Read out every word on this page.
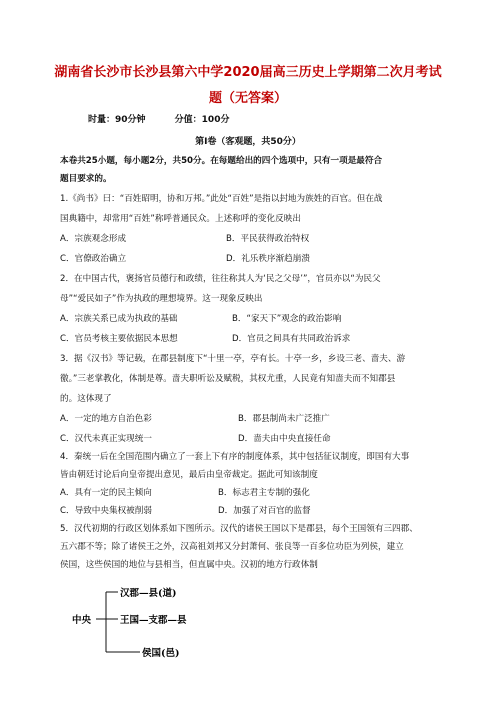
湖南省长沙市长沙县第六中学2020届高三历史上学期第二次月考试
题（无答案）
时量：90分钟	分值：100分
第Ⅰ卷（客观题，共50分）
本卷共25小题，每小题2分，共50分。在每题给出的四个选项中，只有一项是最符合
题目要求的。
1.《尚书》曰：“百姓昭明，协和万邦。”此处“百姓”是指以封地为族姓的百官。但在战
国典籍中，却常用“百姓”称呼普通民众。上述称呼的变化反映出
A．宗族观念形成	B．平民获得政治特权
C．官僚政治确立	D．礼乐秩序渐趋崩溃
2．在中国古代，褒扬官员德行和政绩，往往称其人为‘民之父母’”，官员亦以“为民父
母”“爱民如子”作为执政的理想境界。这一现象反映出
A．宗族关系已成为执政的基础	B．“家天下”观念的政治影响
C．官员考核主要依据民本思想	D．官员之间具有共同政治诉求
3．据《汉书》等记载，在郡县制度下“十里一亭，亭有长。十亭一乡，乡设三老、啬夫、游
徼。”三老掌教化，体制是尊。啬夫职听讼及赋税，其权尤重，人民竟有知啬夫而不知郡县
的。这体现了
A．一定的地方自治色彩	B．郡县制尚未广泛推广
C．汉代未真正实现统一	D．啬夫由中央直接任命
4．秦统一后在全国范围内确立了一套上下有序的制度体系，其中包括征议制度，即国有大事
皆由朝廷讨论后向皇帝提出意见，最后由皇帝裁定。据此可知该制度
A．具有一定的民主倾向	B．标志君主专制的强化
C．导致中央集权被削弱	D．加强了对百官的监督
5．汉代初期的行政区划体系如下图所示。汉代的诸侯王国以下是郡县，每个王国领有三四郡、
五六郡不等；除了诸侯王之外，汉高祖刘邦又分封萧何、张良等一百多位功臣为列侯，建立
侯国，这些侯国的地位与县相当，但直属中央。汉初的地方行政体制
中央
汉郡—县(道)
王国—支郡—县
侯国(邑)
